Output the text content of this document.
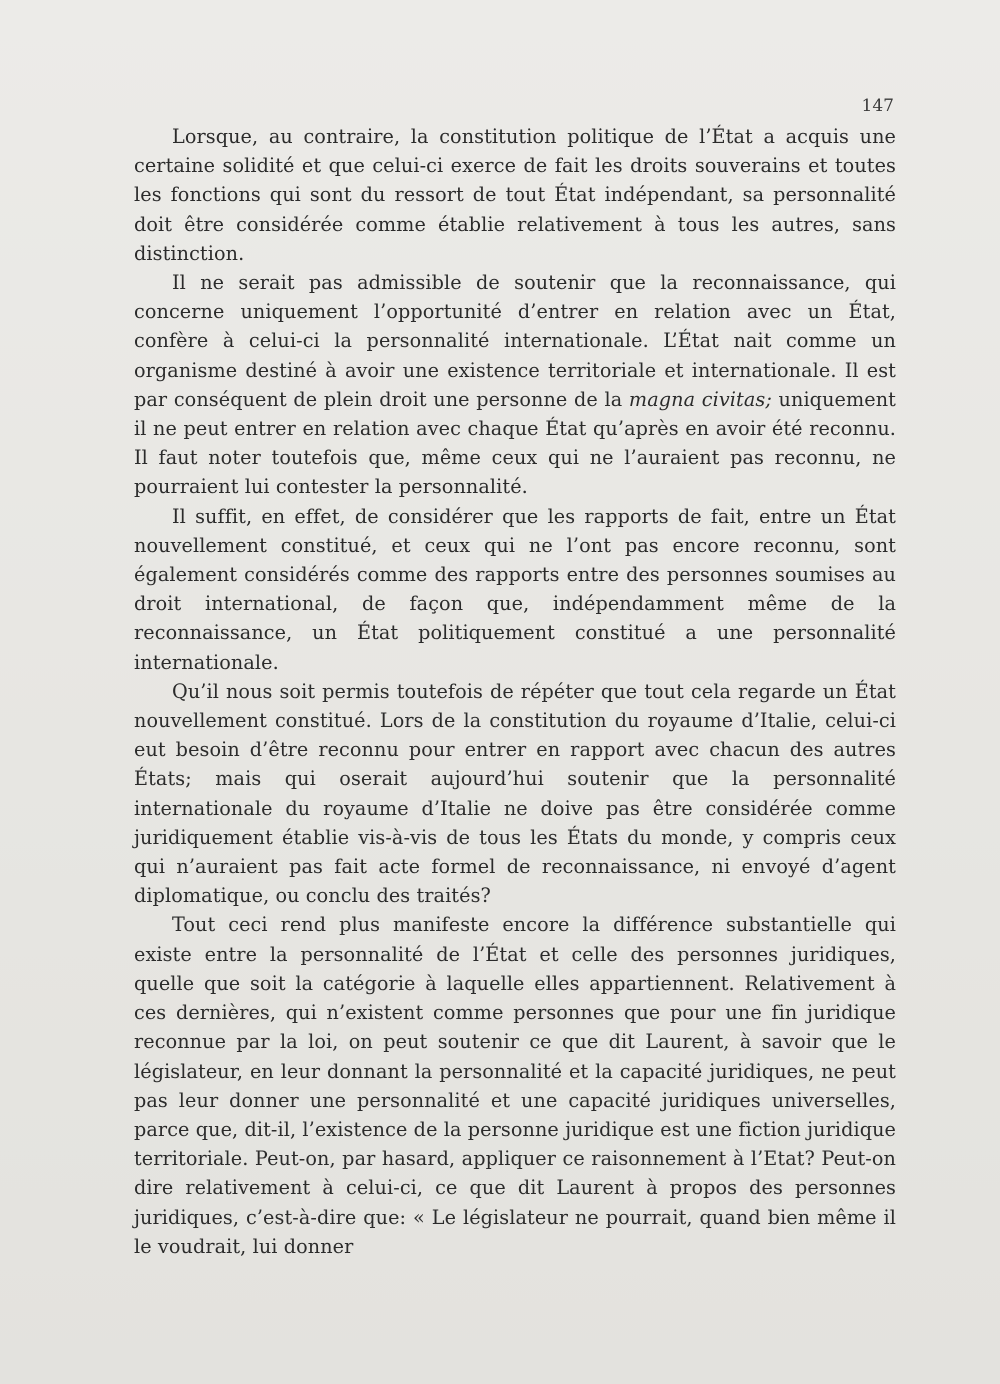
147

Lorsque, au contraire, la constitution politique de l’État a acquis une certaine solidité et que celui-ci exerce de fait les droits souverains et toutes les fonctions qui sont du ressort de tout État indépendant, sa personnalité doit être considérée comme établie relativement à tous les autres, sans distinction.

Il ne serait pas admissible de soutenir que la reconnaissance, qui concerne uniquement l’opportunité d’entrer en relation avec un État, confère à celui-ci la personnalité internationale. L’État nait comme un organisme destiné à avoir une existence territoriale et internationale. Il est par conséquent de plein droit une personne de la magna civitas; uniquement il ne peut entrer en relation avec chaque État qu’après en avoir été reconnu. Il faut noter toutefois que, même ceux qui ne l’auraient pas reconnu, ne pourraient lui contester la personnalité.

Il suffit, en effet, de considérer que les rapports de fait, entre un État nouvellement constitué, et ceux qui ne l’ont pas encore reconnu, sont également considérés comme des rapports entre des personnes soumises au droit international, de façon que, indépendamment même de la reconnaissance, un État politiquement constitué a une personnalité internationale.

Qu’il nous soit permis toutefois de répéter que tout cela regarde un État nouvellement constitué. Lors de la constitution du royaume d’Italie, celui-ci eut besoin d’être reconnu pour entrer en rapport avec chacun des autres États; mais qui oserait aujourd’hui soutenir que la personnalité internationale du royaume d’Italie ne doive pas être considérée comme juridiquement établie vis-à-vis de tous les États du monde, y compris ceux qui n’auraient pas fait acte formel de reconnaissance, ni envoyé d’agent diplomatique, ou conclu des traités?

Tout ceci rend plus manifeste encore la différence substantielle qui existe entre la personnalité de l’État et celle des personnes juridiques, quelle que soit la catégorie à laquelle elles appartiennent. Relativement à ces dernières, qui n’existent comme personnes que pour une fin juridique reconnue par la loi, on peut soutenir ce que dit Laurent, à savoir que le législateur, en leur donnant la personnalité et la capacité juridiques, ne peut pas leur donner une personnalité et une capacité juridiques universelles, parce que, dit-il, l’existence de la personne juridique est une fiction juridique territoriale. Peut-on, par hasard, appliquer ce raisonnement à l’Etat? Peut-on dire relativement à celui-ci, ce que dit Laurent à propos des personnes juridiques, c’est-à-dire que: « Le législateur ne pourrait, quand bien même il le voudrait, lui donner
